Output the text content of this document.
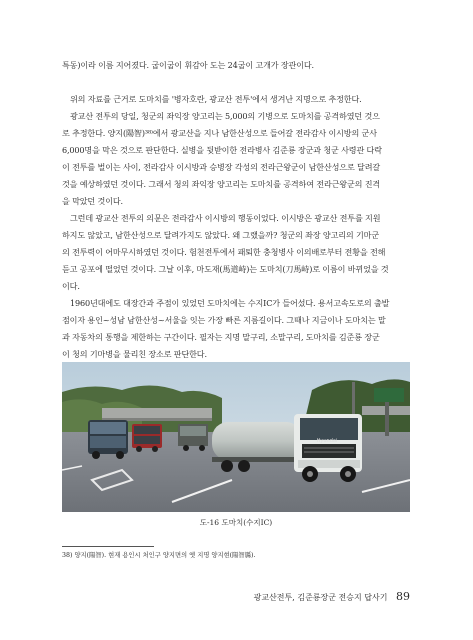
특동)이라 이름 지어졌다. 굽이굽이 휘감아 도는 24굽이 고개가 장관이다.
위의 자료를 근거로 도마치를 '병자호란, 광교산 전투'에서 생겨난 지명으로 추정한다.
광교산 전투의 당일, 청군의 좌익장 양고리는 5,000의 기병으로 도마치를 공격하였던 것으
로 추정한다. 양지(陽智)³⁸⁾에서 광교산을 지나 남한산성으로 들어갈 전라감사 이시방의 군사
6,000명을 막은 것으로 판단한다. 실병을 뒷받이한 전라병사 김준룡 장군과 청군 사령관 다락
이 전투를 벌이는 사이, 전라감사 이시방과 승병장 각성의 전라근왕군이 남한산성으로 달려갈
것을 예상하였던 것이다. 그래서 청의 좌익장 양고리는 도마치를 공격하여 전라근왕군의 진격
을 막았던 것이다.
그런데 광교산 전투의 의문은 전라감사 이시방의 행동이었다. 이시방은 광교산 전투를 지원
하지도 않았고, 남한산성으로 달려가지도 않았다. 왜 그랬을까? 청군의 좌장 양고리의 기마군
의 전투력이 어마무시하였던 것이다. 험천전투에서 패퇴한 충청병사 이의배로부터 전황을 전해
듣고 공포에 떨었던 것이다. 그날 이후, 마도재(馬道峙)는 도마치(刀馬峙)로 이름이 바뀌었을 것
이다.
1960년대에도 대장간과 주점이 있었던 도마치에는 수지IC가 들어섰다. 용서고속도로의 출발
점이자 용인~성남 남한산성~서울을 잇는 가장 빠른 지름길이다. 그때나 지금이나 도마치는 말
과 자동차의 통행을 제한하는 구간이다. 필자는 지명 말구리, 소말구리, 도마치를 김준룡 장군
이 청의 기마병을 물리친 장소로 판단한다.
Hyundai
도-16 도마치(수지IC)
38) 양지(陽智). 현재 용인시 처인구 양지면의 옛 지명 양지현(陽智縣).
광교산전투, 김준룡장군 전승지 답사기 89
